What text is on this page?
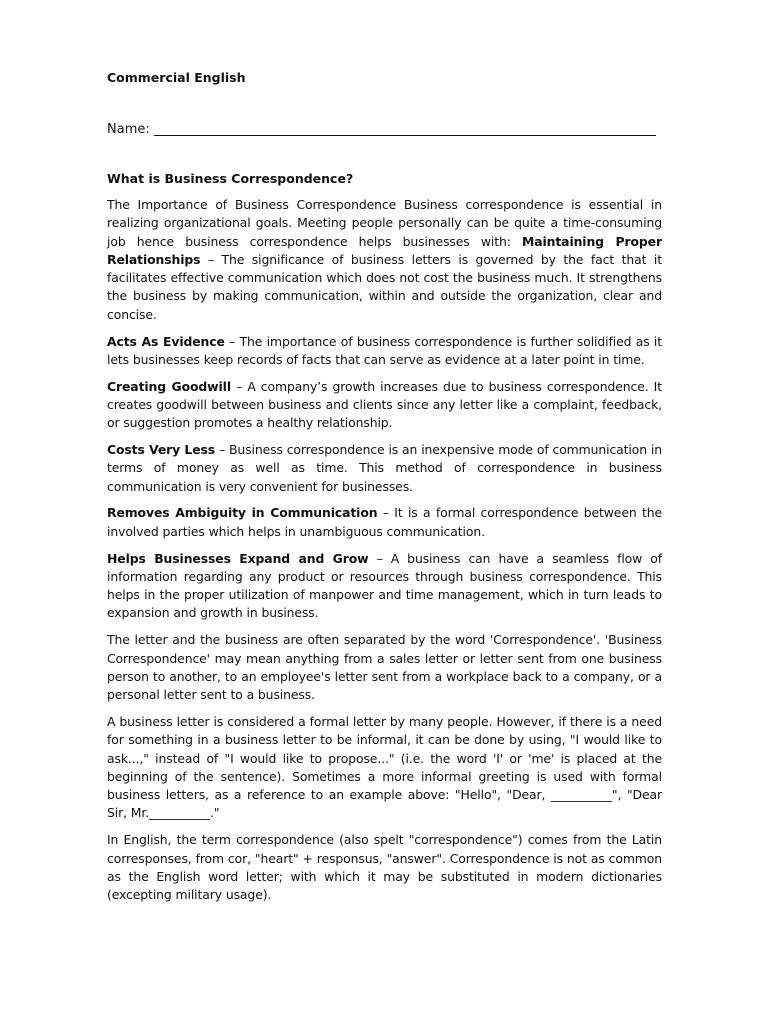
Commercial English
Name:
What is Business Correspondence?

The Importance of Business Correspondence Business correspondence is essential in realizing organizational goals. Meeting people personally can be quite a time-consuming job hence business correspondence helps businesses with: Maintaining Proper Relationships – The significance of business letters is governed by the fact that it facilitates effective communication which does not cost the business much. It strengthens the business by making communication, within and outside the organization, clear and concise.

Acts As Evidence – The importance of business correspondence is further solidified as it lets businesses keep records of facts that can serve as evidence at a later point in time.

Creating Goodwill – A company’s growth increases due to business correspondence. It creates goodwill between business and clients since any letter like a complaint, feedback, or suggestion promotes a healthy relationship.

Costs Very Less – Business correspondence is an inexpensive mode of communication in terms of money as well as time. This method of correspondence in business communication is very convenient for businesses.

Removes Ambiguity in Communication – It is a formal correspondence between the involved parties which helps in unambiguous communication.

Helps Businesses Expand and Grow – A business can have a seamless flow of information regarding any product or resources through business correspondence. This helps in the proper utilization of manpower and time management, which in turn leads to expansion and growth in business.

The letter and the business are often separated by the word 'Correspondence'. 'Business Correspondence' may mean anything from a sales letter or letter sent from one business person to another, to an employee's letter sent from a workplace back to a company, or a personal letter sent to a business.

A business letter is considered a formal letter by many people. However, if there is a need for something in a business letter to be informal, it can be done by using, "I would like to ask...," instead of "I would like to propose..." (i.e. the word 'I' or 'me' is placed at the beginning of the sentence). Sometimes a more informal greeting is used with formal business letters, as a reference to an example above: "Hello", "Dear, __________", "Dear Sir, Mr.__________."

In English, the term correspondence (also spelt "correspondence") comes from the Latin corresponses, from cor, "heart" + responsus, "answer". Correspondence is not as common as the English word letter; with which it may be substituted in modern dictionaries (excepting military usage).
